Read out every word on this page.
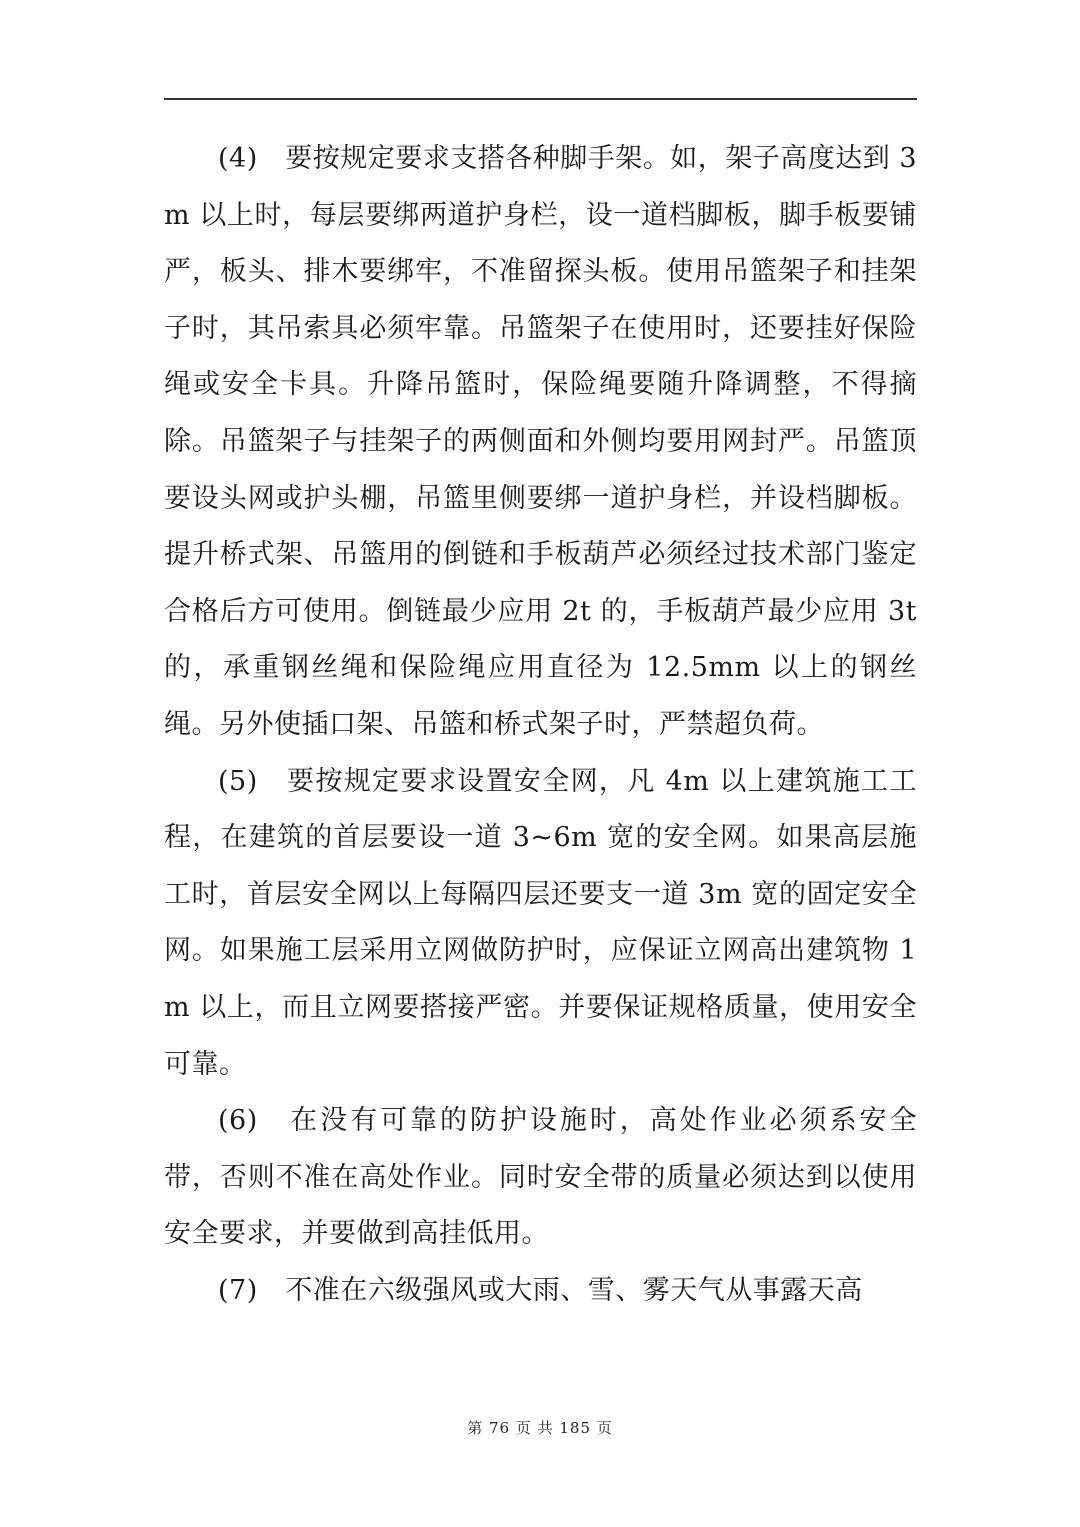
(4)　要按规定要求支搭各种脚手架。如，架子高度达到 3m 以上时，每层要绑两道护身栏，设一道档脚板，脚手板要铺严，板头、排木要绑牢，不准留探头板。使用吊篮架子和挂架子时，其吊索具必须牢靠。吊篮架子在使用时，还要挂好保险绳或安全卡具。升降吊篮时，保险绳要随升降调整，不得摘除。吊篮架子与挂架子的两侧面和外侧均要用网封严。吊篮顶要设头网或护头棚，吊篮里侧要绑一道护身栏，并设档脚板。提升桥式架、吊篮用的倒链和手板葫芦必须经过技术部门鉴定合格后方可使用。倒链最少应用 2t 的，手板葫芦最少应用 3t 的，承重钢丝绳和保险绳应用直径为 12.5mm 以上的钢丝绳。另外使插口架、吊篮和桥式架子时，严禁超负荷。

(5)　要按规定要求设置安全网，凡 4m 以上建筑施工工程，在建筑的首层要设一道 3~6m 宽的安全网。如果高层施工时，首层安全网以上每隔四层还要支一道 3m 宽的固定安全网。如果施工层采用立网做防护时，应保证立网高出建筑物 1m 以上，而且立网要搭接严密。并要保证规格质量，使用安全可靠。

(6)　在没有可靠的防护设施时，高处作业必须系安全带，否则不准在高处作业。同时安全带的质量必须达到以使用安全要求，并要做到高挂低用。

(7)　不准在六级强风或大雨、雪、雾天气从事露天高

第 76 页 共 185 页
